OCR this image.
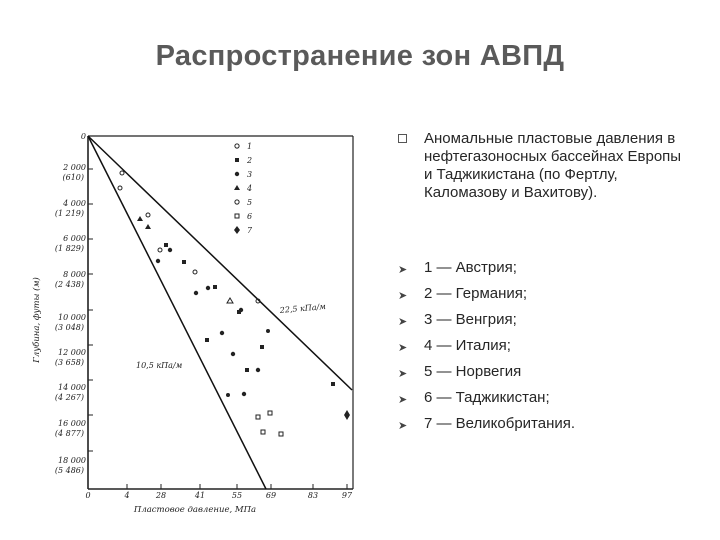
Распространение зон АВПД
0
2 000
(610)
4 000
(1 219)
6 000
(1 829)
8 000
(2 438)
10 000
(3 048)
12 000
(3 658)
14 000
(4 267)
16 000
(4 877)
18 000
(5 486)
Глубина, футы (м)
0	4	28	41	55	69	83	97
Пластовое давление, МПа
22,5 кПа/м
10,5 кПа/м
1
2
3
4
5
6
7
Аномальные пластовые давления в нефтегазоносных бассейнах Европы и Таджикистана (по Фертлу, Каломазову и Вахитову).
➤ 1 — Австрия;
➤ 2 — Германия;
➤ 3 — Венгрия;
➤ 4 — Италия;
➤ 5 — Норвегия
➤ 6 — Таджикистан;
➤ 7 — Великобритания.
